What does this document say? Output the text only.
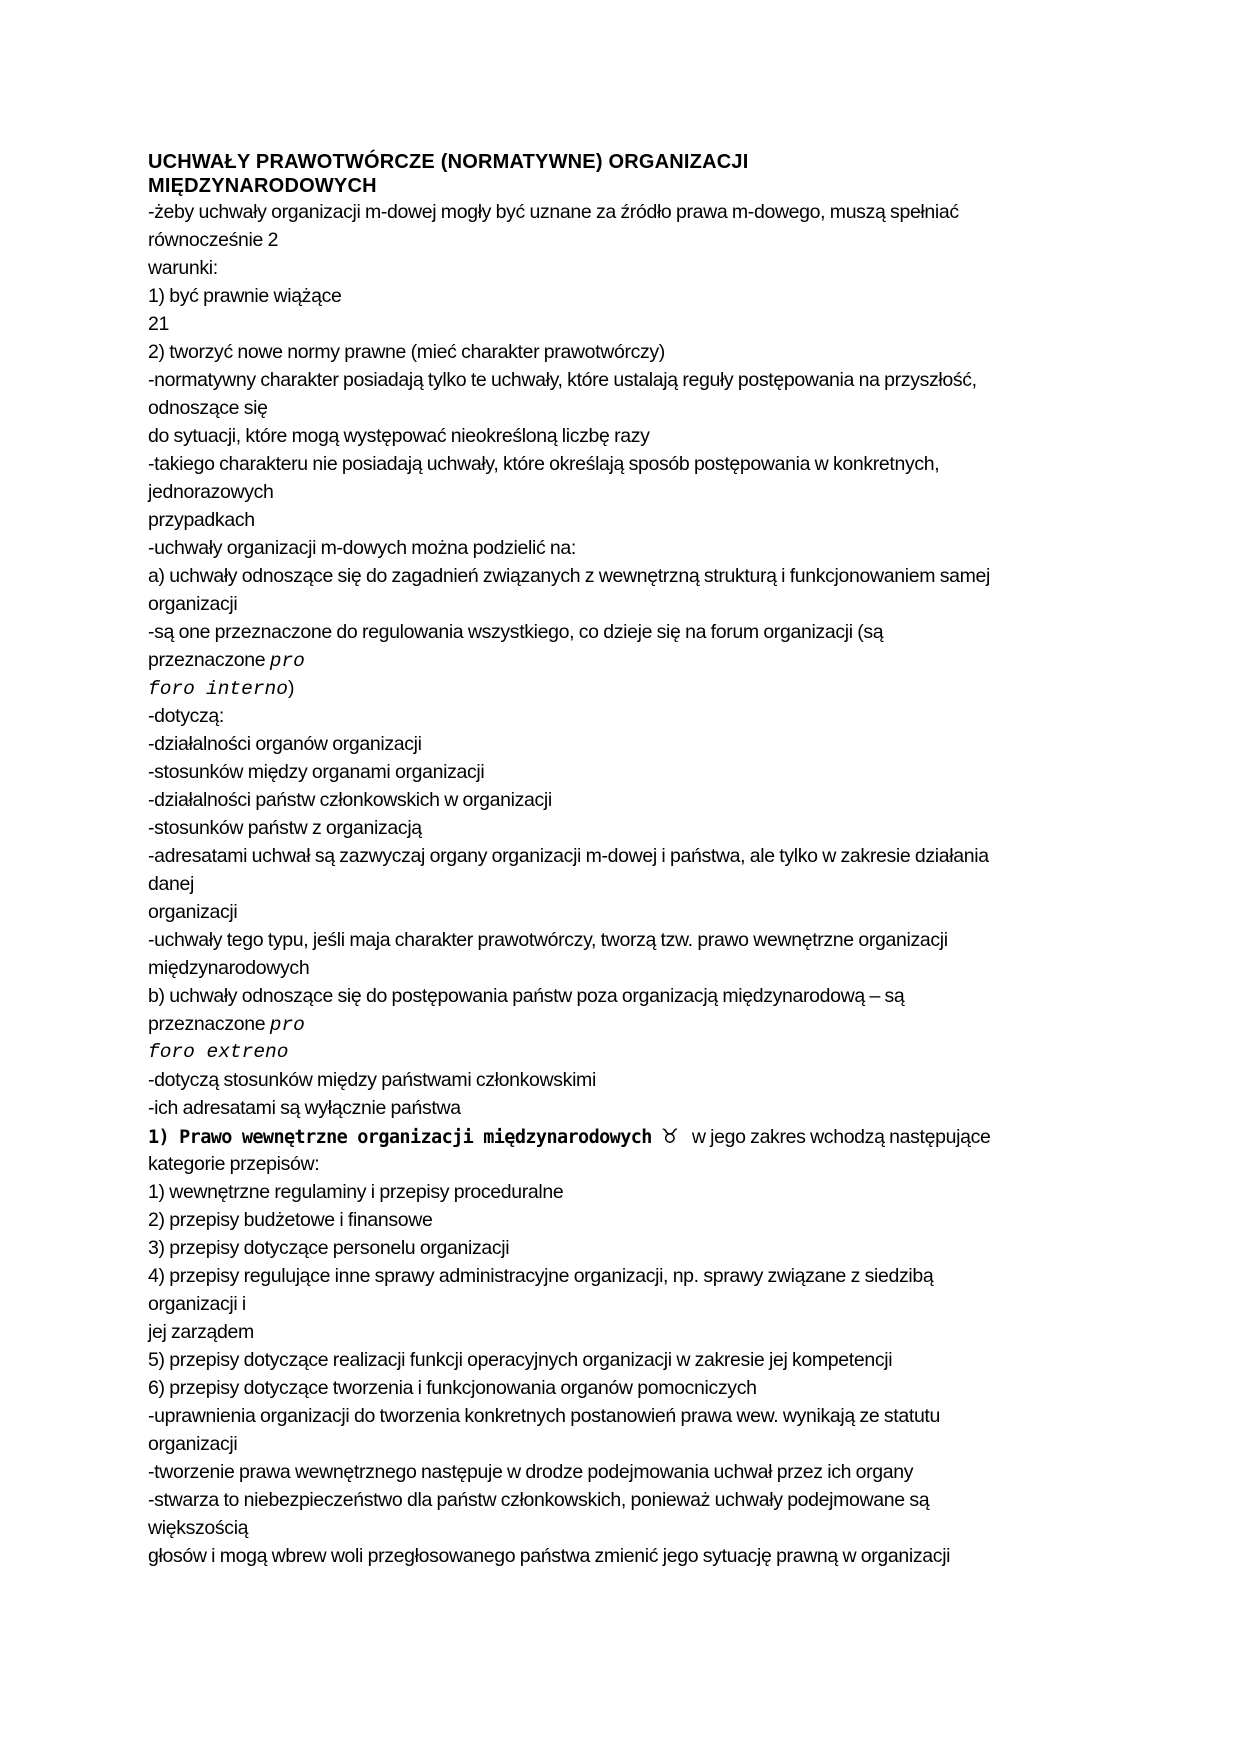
UCHWAŁY PRAWOTWÓRCZE (NORMATYWNE) ORGANIZACJI
MIĘDZYNARODOWYCH
-żeby uchwały organizacji m-dowej mogły być uznane za źródło prawa m-dowego, muszą spełniać
równocześnie 2
warunki:
1) być prawnie wiążące
21
2) tworzyć nowe normy prawne (mieć charakter prawotwórczy)
-normatywny charakter posiadają tylko te uchwały, które ustalają reguły postępowania na przyszłość,
odnoszące się
do sytuacji, które mogą występować nieokreśloną liczbę razy
-takiego charakteru nie posiadają uchwały, które określają sposób postępowania w konkretnych,
jednorazowych
przypadkach
-uchwały organizacji m-dowych można podzielić na:
a) uchwały odnoszące się do zagadnień związanych z wewnętrzną strukturą i funkcjonowaniem samej
organizacji
-są one przeznaczone do regulowania wszystkiego, co dzieje się na forum organizacji (są
przeznaczone pro
foro interno)
-dotyczą:
-działalności organów organizacji
-stosunków między organami organizacji
-działalności państw członkowskich w organizacji
-stosunków państw z organizacją
-adresatami uchwał są zazwyczaj organy organizacji m-dowej i państwa, ale tylko w zakresie działania
danej
organizacji
-uchwały tego typu, jeśli maja charakter prawotwórczy, tworzą tzw. prawo wewnętrzne organizacji
międzynarodowych
b) uchwały odnoszące się do postępowania państw poza organizacją międzynarodową – są
przeznaczone pro
foro extreno
-dotyczą stosunków między państwami członkowskimi
-ich adresatami są wyłącznie państwa
1) Prawo wewnętrzne organizacji międzynarodowych ♉ w jego zakres wchodzą następujące
kategorie przepisów:
1) wewnętrzne regulaminy i przepisy proceduralne
2) przepisy budżetowe i finansowe
3) przepisy dotyczące personelu organizacji
4) przepisy regulujące inne sprawy administracyjne organizacji, np. sprawy związane z siedzibą
organizacji i
jej zarządem
5) przepisy dotyczące realizacji funkcji operacyjnych organizacji w zakresie jej kompetencji
6) przepisy dotyczące tworzenia i funkcjonowania organów pomocniczych
-uprawnienia organizacji do tworzenia konkretnych postanowień prawa wew. wynikają ze statutu
organizacji
-tworzenie prawa wewnętrznego następuje w drodze podejmowania uchwał przez ich organy
-stwarza to niebezpieczeństwo dla państw członkowskich, ponieważ uchwały podejmowane są
większością
głosów i mogą wbrew woli przegłosowanego państwa zmienić jego sytuację prawną w organizacji
